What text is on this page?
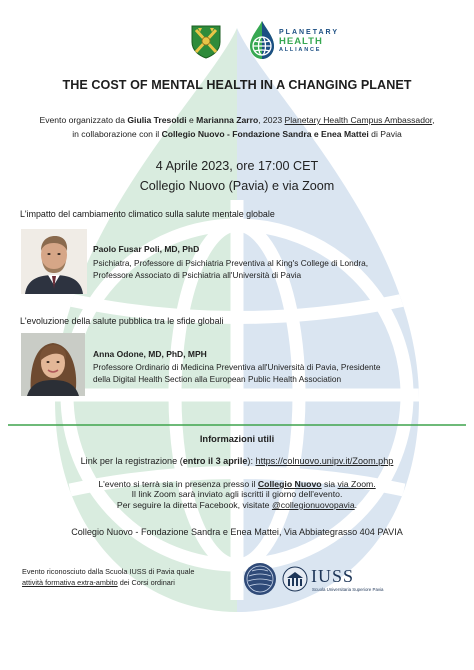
PLANETARY
HEALTH
ALLIANCE
THE COST OF MENTAL HEALTH IN A CHANGING PLANET
Evento organizzato da Giulia Tresoldi e Marianna Zarro, 2023 Planetary Health Campus Ambassador,
in collaborazione con il Collegio Nuovo - Fondazione Sandra e Enea Mattei di Pavia
4 Aprile 2023, ore 17:00 CET
Collegio Nuovo (Pavia) e via Zoom
L'impatto del cambiamento climatico sulla salute mentale globale
Paolo Fusar Poli, MD, PhD
Psichiatra, Professore di Psichiatria Preventiva al King's College di Londra,
Professore Associato di Psichiatria all'Università di Pavia
L'evoluzione della salute pubblica tra le sfide globali
Anna Odone, MD, PhD, MPH
Professore Ordinario di Medicina Preventiva all'Università di Pavia, Presidente
della Digital Health Section alla European Public Health Association
Informazioni utili
Link per la registrazione (entro il 3 aprile): https://colnuovo.unipv.it/Zoom.php
L'evento si terrà sia in presenza presso il Collegio Nuovo sia via Zoom.
Il link Zoom sarà inviato agli iscritti il giorno dell'evento.
Per seguire la diretta Facebook, visitate @collegionuovopavia.
Collegio Nuovo - Fondazione Sandra e Enea Mattei, Via Abbiategrasso 404 PAVIA
Evento riconosciuto dalla Scuola IUSS di Pavia quale
attività formativa extra-ambito dei Corsi ordinari	IUSS
Scuola Universitaria Superiore Pavia
